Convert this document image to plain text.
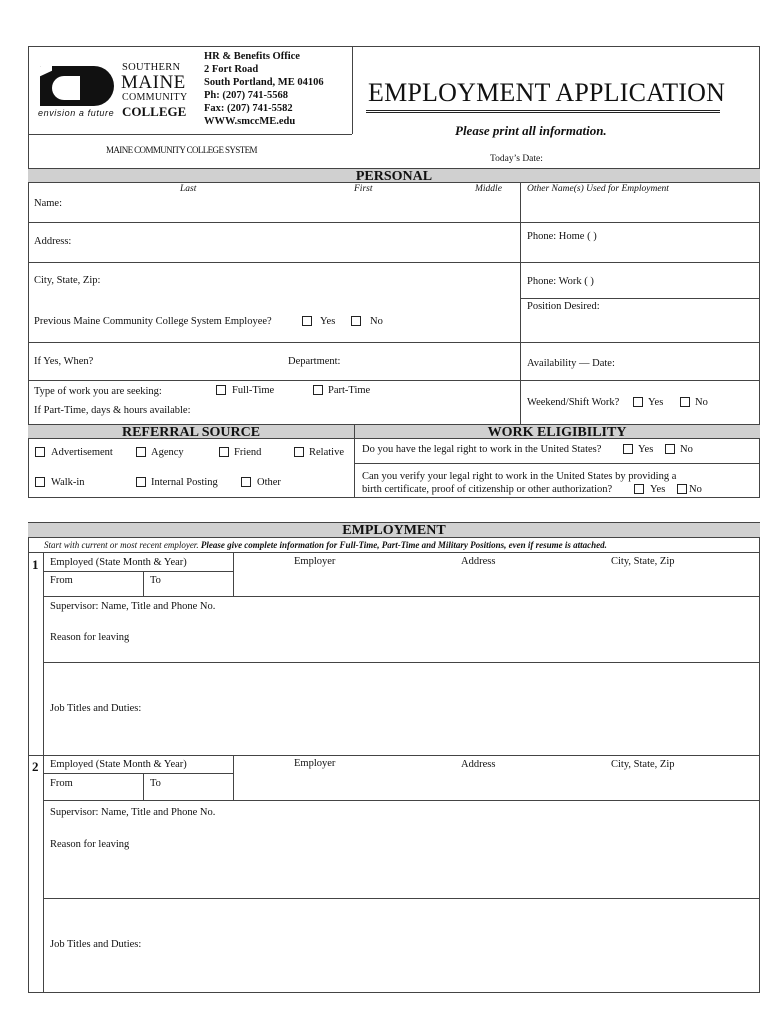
SOUTHERN
MAINE
COMMUNITY
envision a future COLLEGE
HR & Benefits Office
2 Fort Road
South Portland, ME 04106
Ph: (207) 741-5568
Fax: (207) 741-5582
WWW.smccME.edu
MAINE COMMUNITY COLLEGE SYSTEM
EMPLOYMENT APPLICATION
Please print all information.
Today’s Date:
PERSONAL
Last	First	Middle	Other Name(s) Used for Employment
Name:
Address:	Phone: Home ( )
City, State, Zip:	Phone: Work ( )
Position Desired:
Previous Maine Community College System Employee?	Yes	No
If Yes, When?	Department:	Availability — Date:
Type of work you are seeking:	Full-Time	Part-Time
If Part-Time, days & hours available:
Weekend/Shift Work?	Yes	No
REFERRAL SOURCE	WORK ELIGIBILITY
Advertisement	Agency	Friend	Relative
Walk-in	Internal Posting	Other
Do you have the legal right to work in the United States?	Yes	No
Can you verify your legal right to work in the United States by providing a
birth certificate, proof of citizenship or other authorization?	Yes No
EMPLOYMENT
Start with current or most recent employer. Please give complete information for Full-Time, Part-Time and Military Positions, even if resume is attached.
1 Employed (State Month & Year)
From	To
Employer	Address	City, State, Zip
Supervisor: Name, Title and Phone No.
Reason for leaving
Job Titles and Duties:
2 Employed (State Month & Year)
From	To
Employer	Address	City, State, Zip
Supervisor: Name, Title and Phone No.
Reason for leaving
Job Titles and Duties:
